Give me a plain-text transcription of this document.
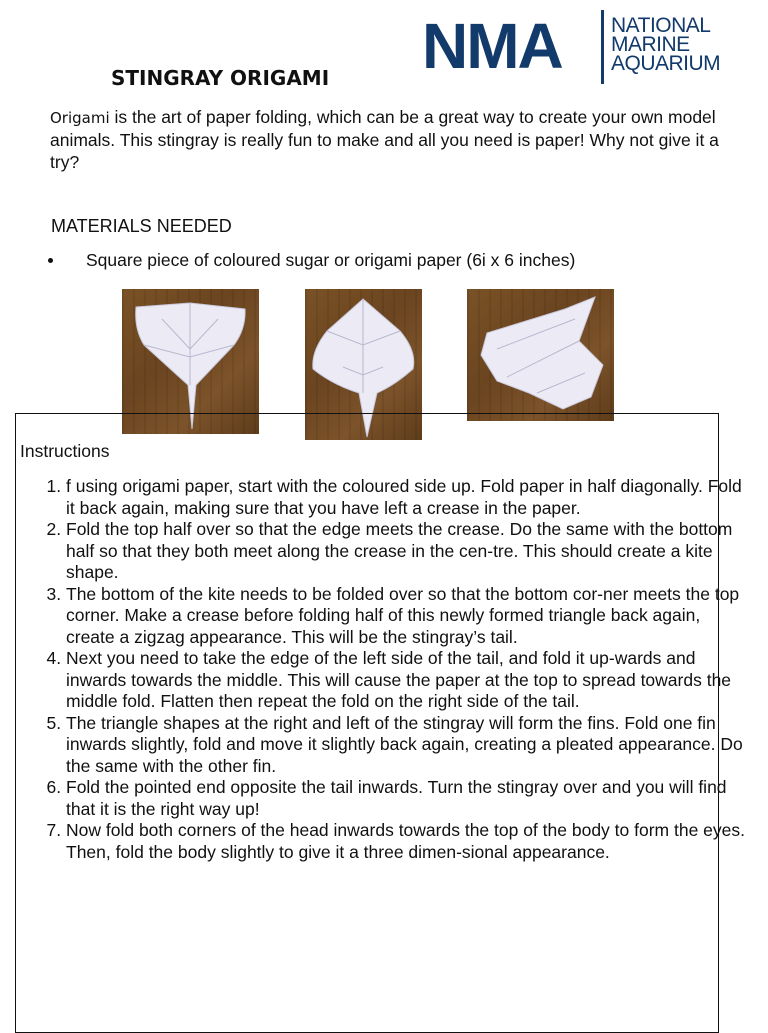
NMA NATIONAL
MARINE
AQUARIUM
STINGRAY ORIGAMI
Origami is the art of paper folding, which can be a great way to create your own model animals. This stingray is really fun to make and all you need is paper! Why not give it a try?
MATERIALS NEEDED
Square piece of coloured sugar or origami paper (6i x 6 inches)
Instructions
1. f using origami paper, start with the coloured side up. Fold paper in half diagonally. Fold it back again, making sure that you have left a crease in the paper.
2. Fold the top half over so that the edge meets the crease. Do the same with the bottom half so that they both meet along the crease in the cen-tre. This should create a kite shape.
3. The bottom of the kite needs to be folded over so that the bottom cor-ner meets the top corner. Make a crease before folding half of this newly formed triangle back again, create a zigzag appearance. This will be the stingray’s tail.
4. Next you need to take the edge of the left side of the tail, and fold it up-wards and inwards towards the middle. This will cause the paper at the top to spread towards the middle fold. Flatten then repeat the fold on the right side of the tail.
5. The triangle shapes at the right and left of the stingray will form the fins. Fold one fin inwards slightly, fold and move it slightly back again, creating a pleated appearance. Do the same with the other fin.
6. Fold the pointed end opposite the tail inwards. Turn the stingray over and you will find that it is the right way up!
7. Now fold both corners of the head inwards towards the top of the body to form the eyes. Then, fold the body slightly to give it a three dimen-sional appearance.
